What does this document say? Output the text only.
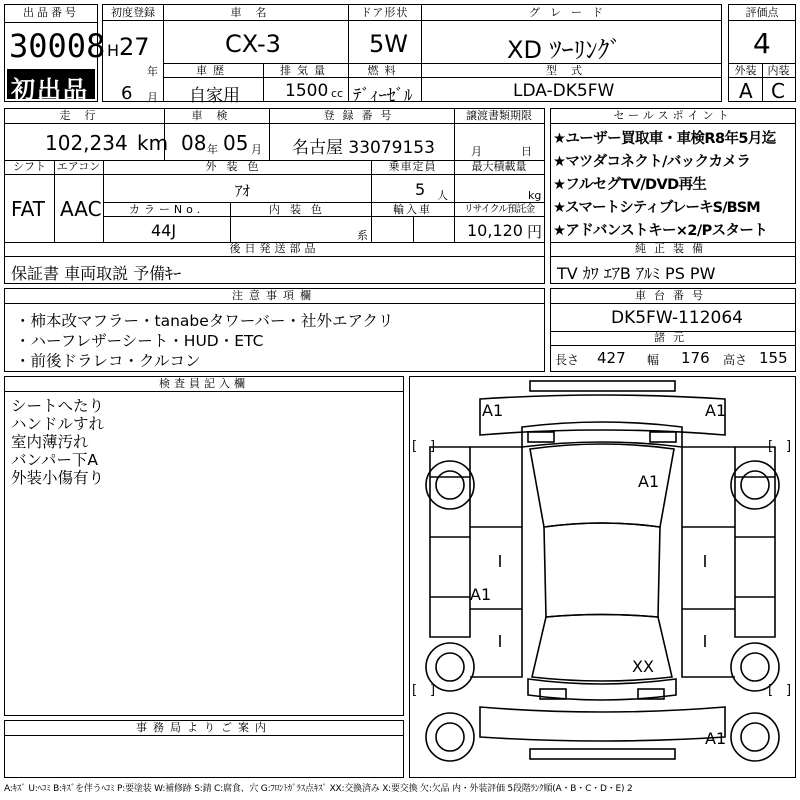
出品番号
30008
初出品
初度登録
H 27
年
6 月
車名
CX-3
ドア形状
5W
グレード
XD ﾂｰﾘﾝｸﾞ
車歴
自家用
排気量
1500 cc
燃料
ﾃﾞｨｰｾﾞﾙ
型式
LDA-DK5FW
評価点
4
外装	内装
A C
走行
102,234 km
車検
08 年 05 月
登録番号
名古屋 33079153
譲渡書類期限
月	日
シフト
FAT
エアコン
AAC
外装色
ｱｵ
乗車定員
5 人
最大積載量
kg
カラーNo.
44J
内装色
系
輸入車	リサイクル預託金
10,120 円
後日発送部品
保証書 車両取説 予備ｷｰ
セールスポイント
★ユーザー買取車・車検R8年5月迄
★マツダコネクト/バックカメラ
★フルセグTV/DVD再生
★スマートシティブレーキS/BSM
★アドバンストキー×2/Pスタート
純正装備
TV ｶﾜ ｴｱB ｱﾙﾐ PS PW
注意事項欄
・柿本改マフラー・tanabeタワーバー・社外エアクリ
・ハーフレザーシート・HUD・ETC
・前後ドラレコ・クルコン
車台番号
DK5FW-112064
諸元
長さ 427 幅 176 高さ 155
検査員記入欄
シートへたり
ハンドルすれ
室内薄汚れ
バンパー下A
外装小傷有り
事務局よりご案内
A1	A1
A1
A1
XX
A1
[ ]	[ ]
[ ]	[ ]
A:ｷｽﾞ U:ﾍｺﾐ B:ｷｽﾞを伴うﾍｺﾐ P:要塗装 W:補修跡 S:錆 C:腐食、穴 G:ﾌﾛﾝﾄｶﾞﾗｽ点ｷｽﾞ XX:交換済み X:要交換 欠:欠品 内・外装評価 5段階ﾗﾝｸ順(A・B・C・D・E) 2
